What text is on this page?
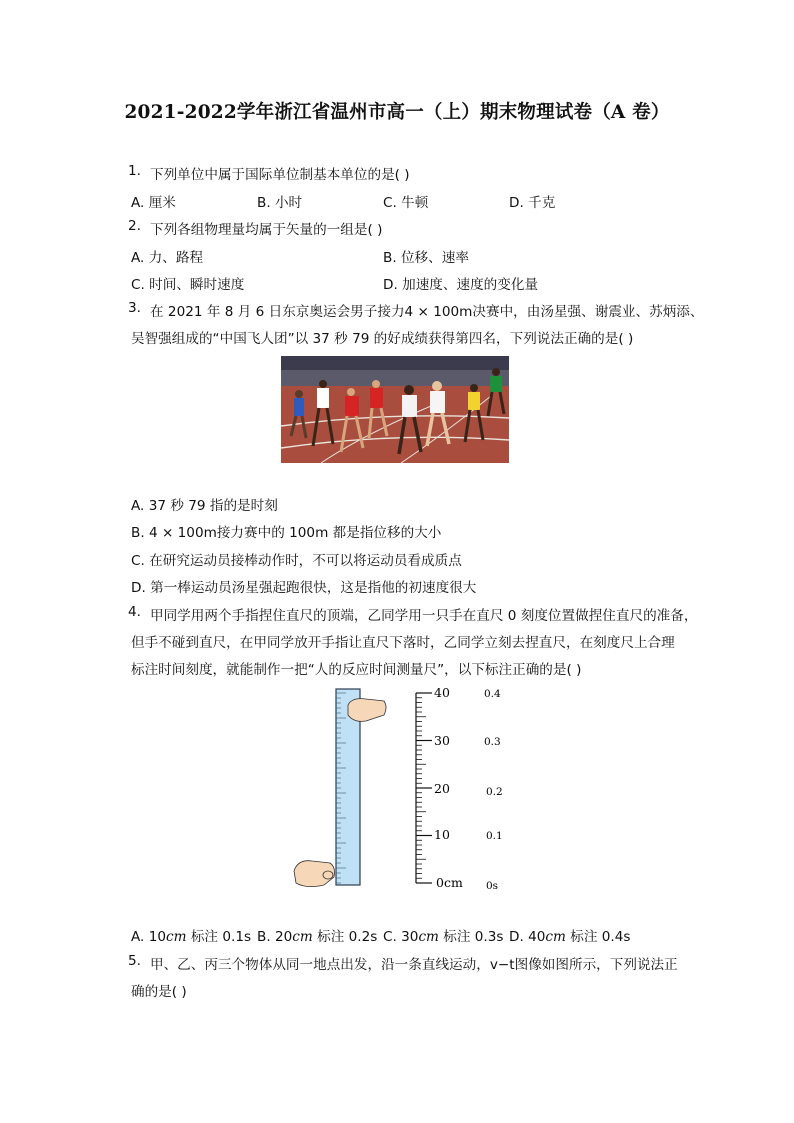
2021-2022学年浙江省温州市高一（上）期末物理试卷（A 卷）
1. 下列单位中属于国际单位制基本单位的是( )
A. 厘米	B. 小时	C. 牛顿	D. 千克
2. 下列各组物理量均属于矢量的一组是( )
A. 力、路程	B. 位移、速率
C. 时间、瞬时速度	D. 加速度、速度的变化量
3. 在 2021 年 8 月 6 日东京奥运会男子接力4 × 100m决赛中，由汤星强、谢震业、苏炳添、
吴智强组成的“中国飞人团”以 37 秒 79 的好成绩获得第四名，下列说法正确的是( )
A. 37 秒 79 指的是时刻
B. 4 × 100m接力赛中的 100m 都是指位移的大小
C. 在研究运动员接棒动作时，不可以将运动员看成质点
D. 第一棒运动员汤星强起跑很快，这是指他的初速度很大
4. 甲同学用两个手指捏住直尺的顶端，乙同学用一只手在直尺 0 刻度位置做捏住直尺的准备，
但手不碰到直尺，在甲同学放开手指让直尺下落时，乙同学立刻去捏直尺，在刻度尺上合理
标注时间刻度，就能制作一把“人的反应时间测量尺”，以下标注正确的是( )
40
30
20
10
0cm
0.4
0.3
0.2
0.1
0s
A. 10cm 标注 0.1s B. 20cm 标注 0.2s C. 30cm 标注 0.3s D. 40cm 标注 0.4s
5. 甲、乙、丙三个物体从同一地点出发，沿一条直线运动，v−t图像如图所示，下列说法正
确的是( )
